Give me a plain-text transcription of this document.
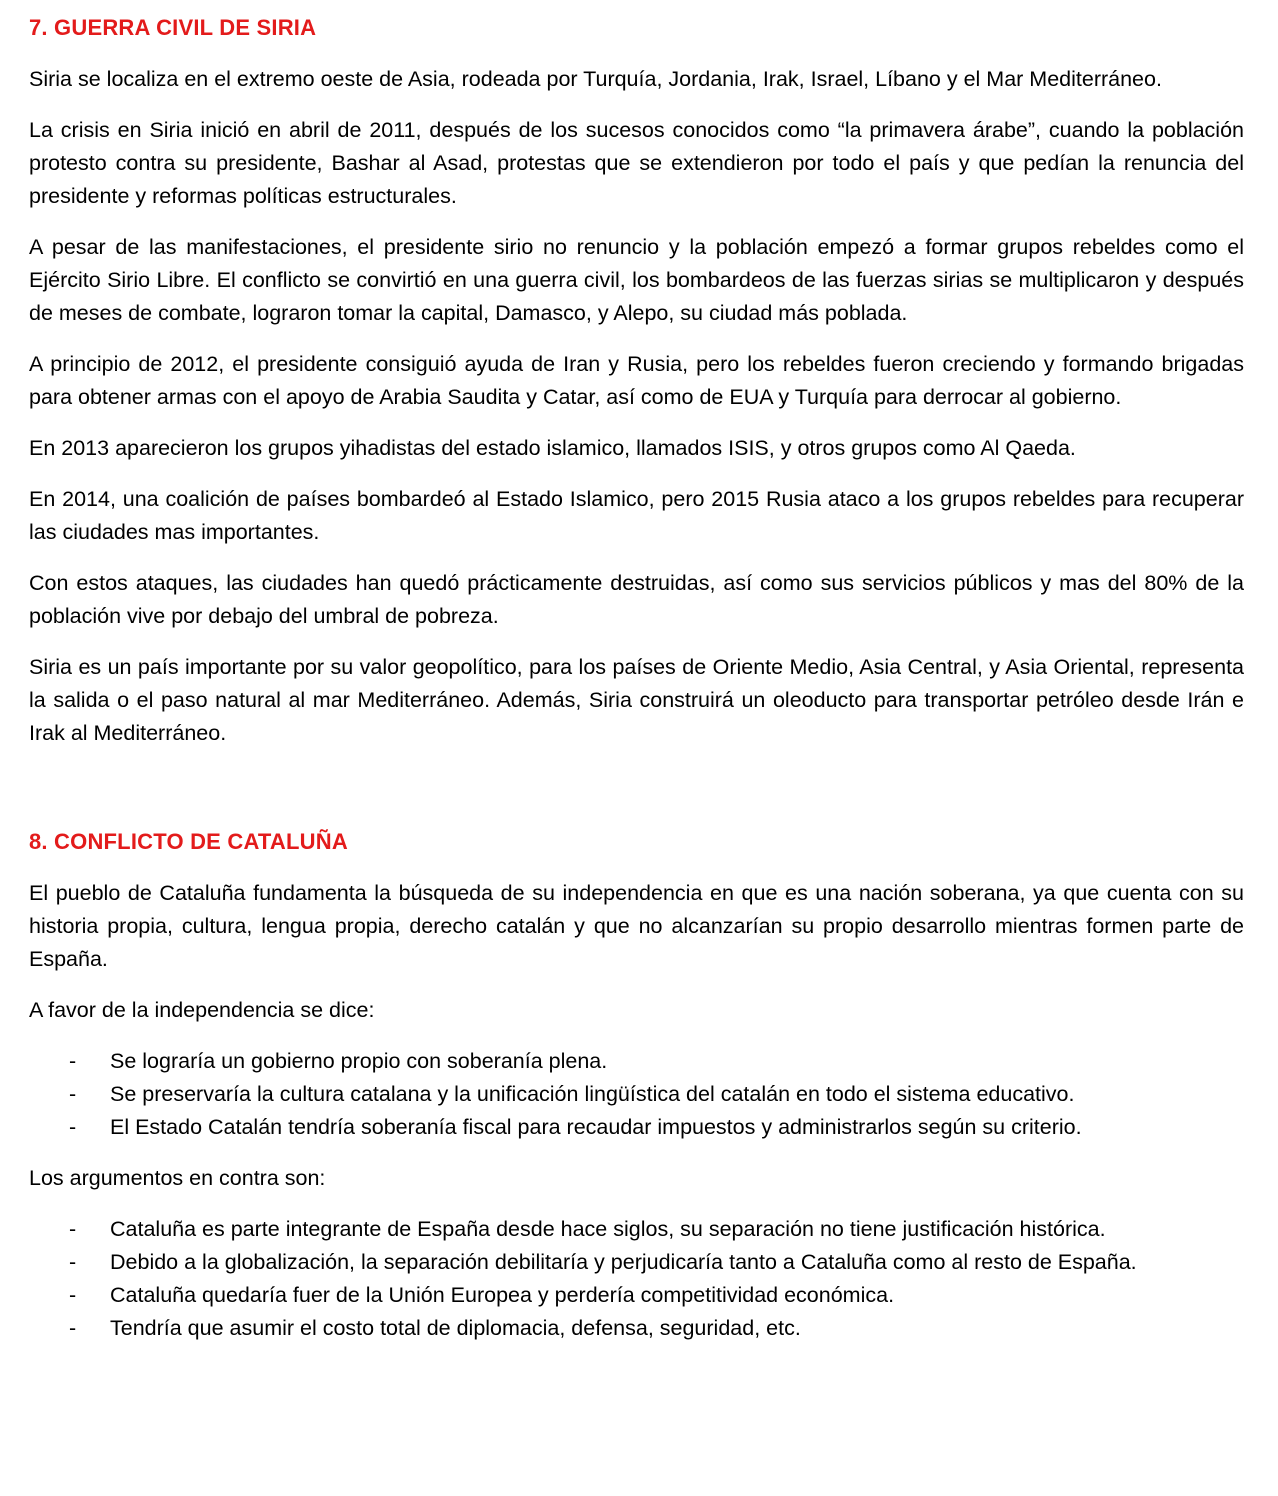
7. GUERRA CIVIL DE SIRIA

Siria se localiza en el extremo oeste de Asia, rodeada por Turquía, Jordania, Irak, Israel, Líbano y el Mar Mediterráneo.

La crisis en Siria inició en abril de 2011, después de los sucesos conocidos como “la primavera árabe”, cuando la población protesto contra su presidente, Bashar al Asad, protestas que se extendieron por todo el país y que pedían la renuncia del presidente y reformas políticas estructurales.

A pesar de las manifestaciones, el presidente sirio no renuncio y la población empezó a formar grupos rebeldes como el Ejército Sirio Libre. El conflicto se convirtió en una guerra civil, los bombardeos de las fuerzas sirias se multiplicaron y después de meses de combate, lograron tomar la capital, Damasco, y Alepo, su ciudad más poblada.

A principio de 2012, el presidente consiguió ayuda de Iran y Rusia, pero los rebeldes fueron creciendo y formando brigadas para obtener armas con el apoyo de Arabia Saudita y Catar, así como de EUA y Turquía para derrocar al gobierno.

En 2013 aparecieron los grupos yihadistas del estado islamico, llamados ISIS, y otros grupos como Al Qaeda.

En 2014, una coalición de países bombardeó al Estado Islamico, pero 2015 Rusia ataco a los grupos rebeldes para recuperar las ciudades mas importantes.

Con estos ataques, las ciudades han quedó prácticamente destruidas, así como sus servicios públicos y mas del 80% de la población vive por debajo del umbral de pobreza.

Siria es un país importante por su valor geopolítico, para los países de Oriente Medio, Asia Central, y Asia Oriental, representa la salida o el paso natural al mar Mediterráneo. Además, Siria construirá un oleoducto para transportar petróleo desde Irán e Irak al Mediterráneo.

8. CONFLICTO DE CATALUÑA

El pueblo de Cataluña fundamenta la búsqueda de su independencia en que es una nación soberana, ya que cuenta con su historia propia, cultura, lengua propia, derecho catalán y que no alcanzarían su propio desarrollo mientras formen parte de España.

A favor de la independencia se dice:

- Se lograría un gobierno propio con soberanía plena.
- Se preservaría la cultura catalana y la unificación lingüística del catalán en todo el sistema educativo.
- El Estado Catalán tendría soberanía fiscal para recaudar impuestos y administrarlos según su criterio.

Los argumentos en contra son:

- Cataluña es parte integrante de España desde hace siglos, su separación no tiene justificación histórica.
- Debido a la globalización, la separación debilitaría y perjudicaría tanto a Cataluña como al resto de España.
- Cataluña quedaría fuer de la Unión Europea y perdería competitividad económica.
- Tendría que asumir el costo total de diplomacia, defensa, seguridad, etc.
